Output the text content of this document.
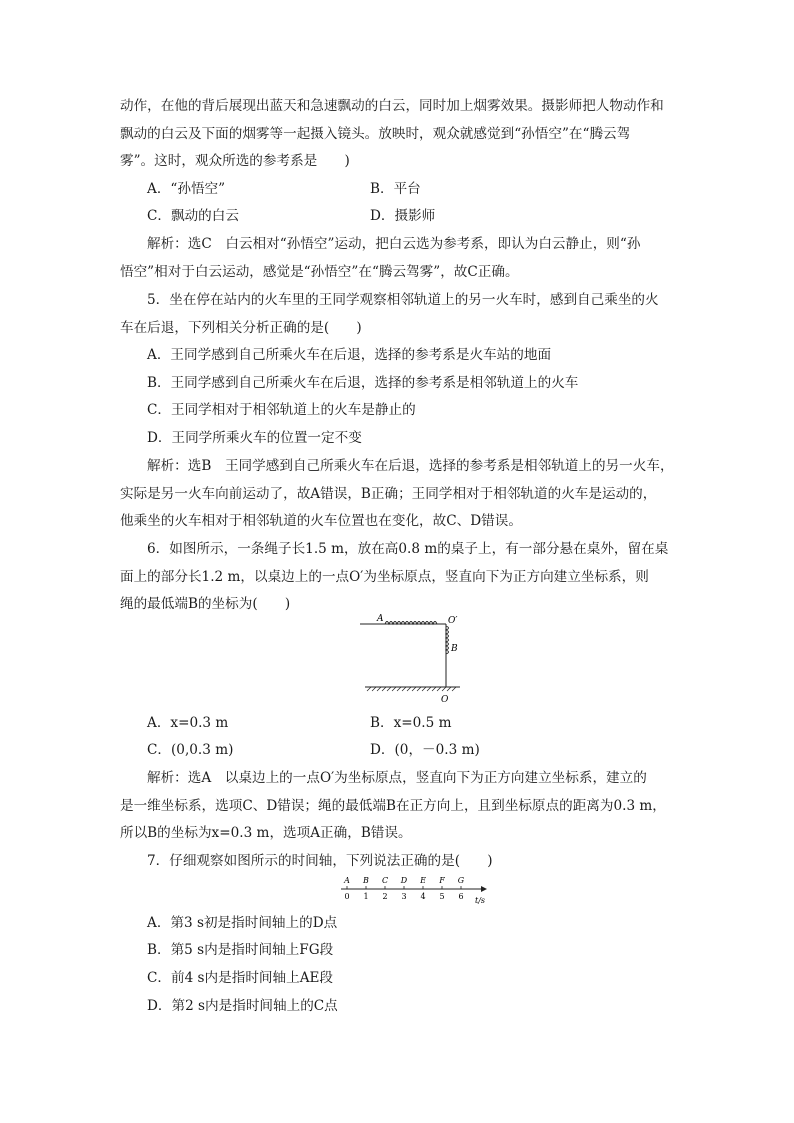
动作，在他的背后展现出蓝天和急速飘动的白云，同时加上烟雾效果。摄影师把人物动作和
飘动的白云及下面的烟雾等一起摄入镜头。放映时，观众就感觉到“孙悟空”在“腾云驾
雾”。这时，观众所选的参考系是　　)
A．“孙悟空”	B．平台
C．飘动的白云	D．摄影师
解析：选C　白云相对“孙悟空”运动，把白云选为参考系，即认为白云静止，则“孙
悟空”相对于白云运动，感觉是“孙悟空”在“腾云驾雾”，故C正确。
5．坐在停在站内的火车里的王同学观察相邻轨道上的另一火车时，感到自己乘坐的火
车在后退，下列相关分析正确的是(　　)
A．王同学感到自己所乘火车在后退，选择的参考系是火车站的地面
B．王同学感到自己所乘火车在后退，选择的参考系是相邻轨道上的火车
C．王同学相对于相邻轨道上的火车是静止的
D．王同学所乘火车的位置一定不变
解析：选B　王同学感到自己所乘火车在后退，选择的参考系是相邻轨道上的另一火车，
实际是另一火车向前运动了，故A错误，B正确；王同学相对于相邻轨道的火车是运动的，
他乘坐的火车相对于相邻轨道的火车位置也在变化，故C、D错误。
6．如图所示，一条绳子长1.5 m，放在高0.8 m的桌子上，有一部分悬在桌外，留在桌
面上的部分长1.2 m，以桌边上的一点O′为坐标原点，竖直向下为正方向建立坐标系，则
绳的最低端B的坐标为(　　)
A	O′
B
O
A．x=0.3 m	B．x=0.5 m
C．(0,0.3 m)	D．(0，－0.3 m)
解析：选A　以桌边上的一点O′为坐标原点，竖直向下为正方向建立坐标系，建立的
是一维坐标系，选项C、D错误；绳的最低端B在正方向上，且到坐标原点的距离为0.3 m，
所以B的坐标为x=0.3 m，选项A正确，B错误。
7．仔细观察如图所示的时间轴，下列说法正确的是(　　)
A
0
B
1
C
2
D
3
E
4
F
5
G
6 t/s
A．第3 s初是指时间轴上的D点
B．第5 s内是指时间轴上FG段
C．前4 s内是指时间轴上AE段
D．第2 s内是指时间轴上的C点
